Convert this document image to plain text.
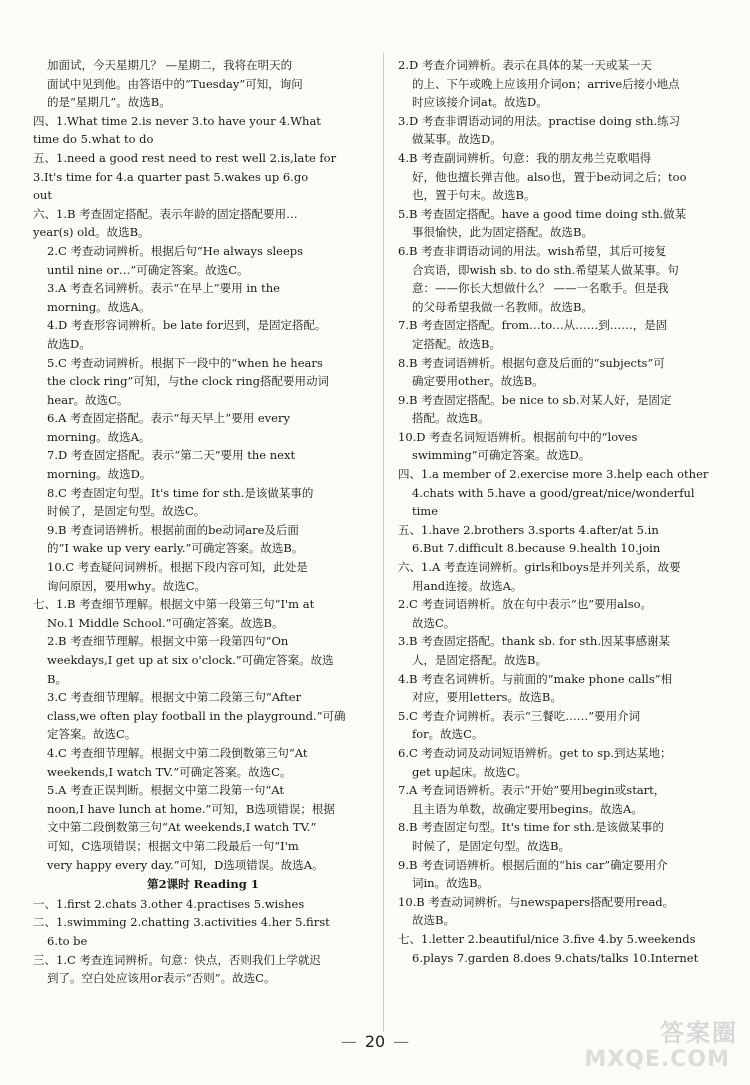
加面试，今天星期几？ —星期二，我将在明天的

面试中见到他。由答语中的“Tuesday”可知，询问

的是“星期几”。故选B。

四、1.What time 2.is never 3.to have your 4.What

time do 5.what to do

五、1.need a good rest need to rest well 2.is,late for

3.It's time for 4.a quarter past 5.wakes up 6.go

out

六、1.B 考查固定搭配。表示年龄的固定搭配要用…

year(s) old。故选B。

2.C 考查动词辨析。根据后句“He always sleeps

until nine or…”可确定答案。故选C。

3.A 考查名词辨析。表示“在早上”要用 in the

morning。故选A。

4.D 考查形容词辨析。be late for迟到，是固定搭配。

故选D。

5.C 考查动词辨析。根据下一段中的“when he hears

the clock ring”可知，与the clock ring搭配要用动词

hear。故选C。

6.A 考查固定搭配。表示“每天早上”要用 every

morning。故选A。

7.D 考查固定搭配。表示“第二天”要用 the next

morning。故选D。

8.C 考查固定句型。It's time for sth.是该做某事的

时候了，是固定句型。故选C。

9.B 考查词语辨析。根据前面的be动词are及后面

的“I wake up very early.”可确定答案。故选B。

10.C 考查疑问词辨析。根据下段内容可知，此处是

询问原因，要用why。故选C。

七、1.B 考查细节理解。根据文中第一段第三句“I'm at

No.1 Middle School.”可确定答案。故选B。

2.B 考查细节理解。根据文中第一段第四句“On

weekdays,I get up at six o'clock.”可确定答案。故选

B。

3.C 考查细节理解。根据文中第二段第三句“After

class,we often play football in the playground.”可确

定答案。故选C。

4.C 考查细节理解。根据文中第二段倒数第三句“At

weekends,I watch TV.”可确定答案。故选C。

5.A 考查正误判断。根据文中第二段第一句“At

noon,I have lunch at home.”可知，B选项错误；根据

文中第二段倒数第三句“At weekends,I watch TV.”

可知，C选项错误；根据文中第二段最后一句“I'm

very happy every day.”可知，D选项错误。故选A。

第2课时 Reading 1

一、1.first 2.chats 3.other 4.practises 5.wishes

二、1.swimming 2.chatting 3.activities 4.her 5.first

6.to be

三、1.C 考查连词辨析。句意：快点，否则我们上学就迟

到了。空白处应该用or表示“否则”。故选C。

2.D 考查介词辨析。表示在具体的某一天或某一天

的上、下午或晚上应该用介词on；arrive后接小地点

时应该接介词at。故选D。

3.D 考查非谓语动词的用法。practise doing sth.练习

做某事。故选D。

4.B 考查副词辨析。句意：我的朋友弗兰克歌唱得

好，他也擅长弹吉他。also也，置于be动词之后；too

也，置于句末。故选B。

5.B 考查固定搭配。have a good time doing sth.做某

事很愉快，此为固定搭配。故选B。

6.B 考查非谓语动词的用法。wish希望，其后可接复

合宾语，即wish sb. to do sth.希望某人做某事。句

意：——你长大想做什么？ ——一名歌手。但是我

的父母希望我做一名教师。故选B。

7.B 考查固定搭配。from…to…从……到……，是固

定搭配。故选B。

8.B 考查词语辨析。根据句意及后面的“subjects”可

确定要用other。故选B。

9.B 考查固定搭配。be nice to sb.对某人好，是固定

搭配。故选B。

10.D 考查名词短语辨析。根据前句中的“loves

swimming”可确定答案。故选D。

四、1.a member of 2.exercise more 3.help each other

4.chats with 5.have a good/great/nice/wonderful

time

五、1.have 2.brothers 3.sports 4.after/at 5.in

6.But 7.difficult 8.because 9.health 10.join

六、1.A 考查连词辨析。girls和boys是并列关系，故要

用and连接。故选A。

2.C 考查词语辨析。放在句中表示“也”要用also。

故选C。

3.B 考查固定搭配。thank sb. for sth.因某事感谢某

人，是固定搭配。故选B。

4.B 考查名词辨析。与前面的“make phone calls”相

对应，要用letters。故选B。

5.C 考查介词辨析。表示“三餐吃……”要用介词

for。故选C。

6.C 考查动词及动词短语辨析。get to sp.到达某地；

get up起床。故选C。

7.A 考查词语辨析。表示“开始”要用begin或start，

且主语为单数，故确定要用begins。故选A。

8.B 考查固定句型。It's time for sth.是该做某事的

时候了，是固定句型。故选B。

9.B 考查词语辨析。根据后面的“his car”确定要用介

词in。故选B。

10.B 考查动词辨析。与newspapers搭配要用read。

故选B。

七、1.letter 2.beautiful/nice 3.five 4.by 5.weekends

6.plays 7.garden 8.does 9.chats/talks 10.Internet

— 20 —	答案圈
MXQE.COM
